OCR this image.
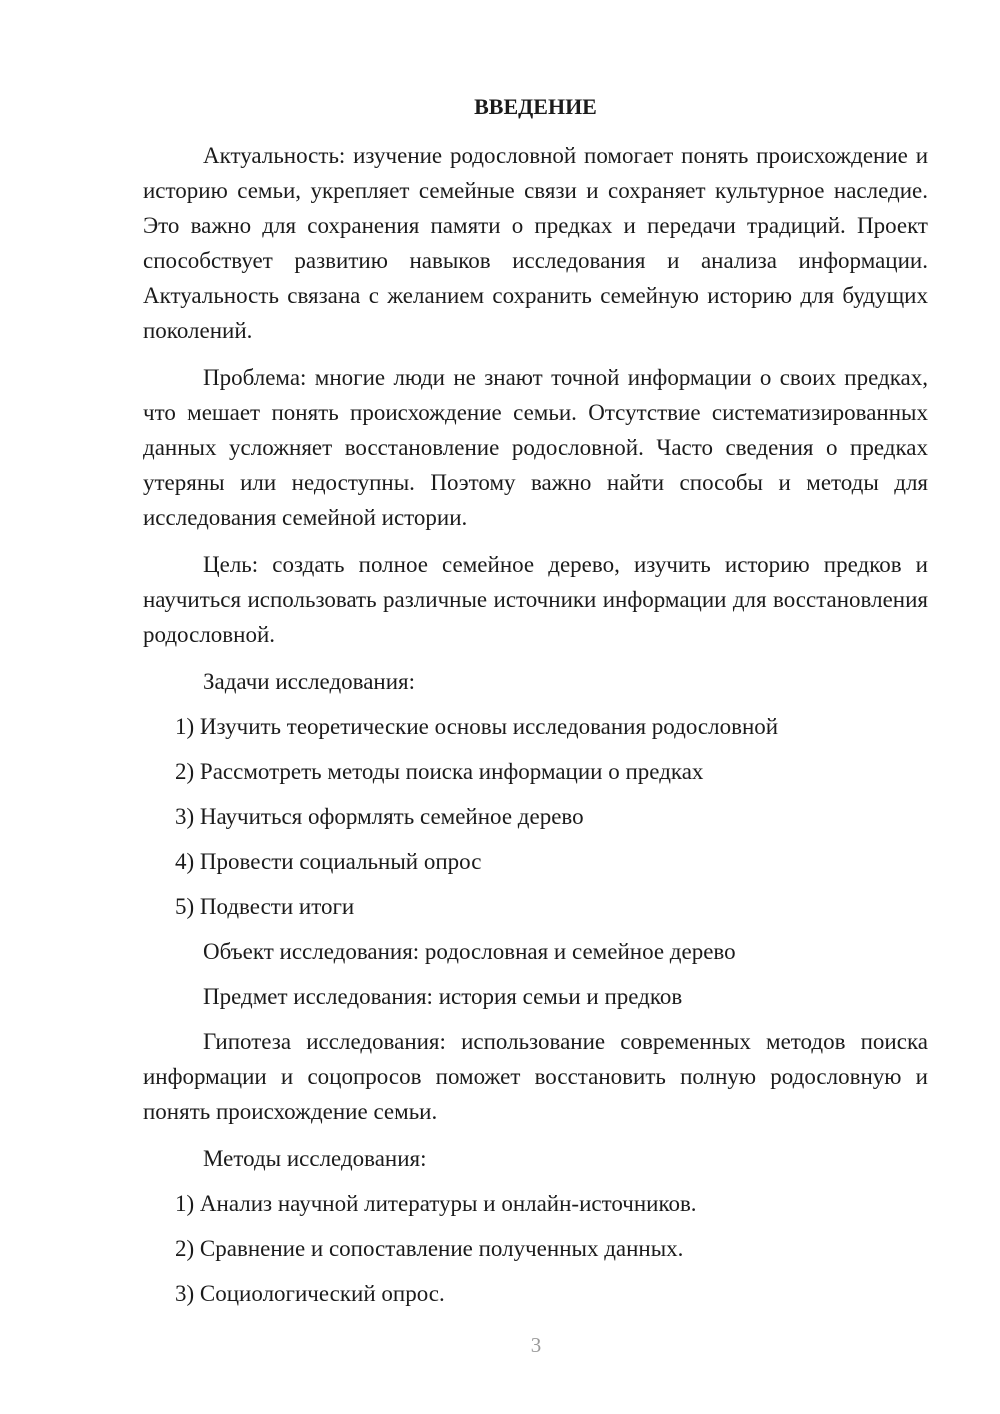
ВВЕДЕНИЕ

Актуальность: изучение родословной помогает понять происхождение и историю семьи, укрепляет семейные связи и сохраняет культурное наследие. Это важно для сохранения памяти о предках и передачи традиций. Проект способствует развитию навыков исследования и анализа информации. Актуальность связана с желанием сохранить семейную историю для будущих поколений.

Проблема: многие люди не знают точной информации о своих предках, что мешает понять происхождение семьи. Отсутствие систематизированных данных усложняет восстановление родословной. Часто сведения о предках утеряны или недоступны. Поэтому важно найти способы и методы для исследования семейной истории.

Цель: создать полное семейное дерево, изучить историю предков и научиться использовать различные источники информации для восстановления родословной.

Задачи исследования:

1) Изучить теоретические основы исследования родословной
2) Рассмотреть методы поиска информации о предках
3) Научиться оформлять семейное дерево
4) Провести социальный опрос
5) Подвести итоги

Объект исследования: родословная и семейное дерево

Предмет исследования: история семьи и предков

Гипотеза исследования: использование современных методов поиска информации и соцопросов поможет восстановить полную родословную и понять происхождение семьи.

Методы исследования:

1) Анализ научной литературы и онлайн-источников.
2) Сравнение и сопоставление полученных данных.
3) Социологический опрос.
3
